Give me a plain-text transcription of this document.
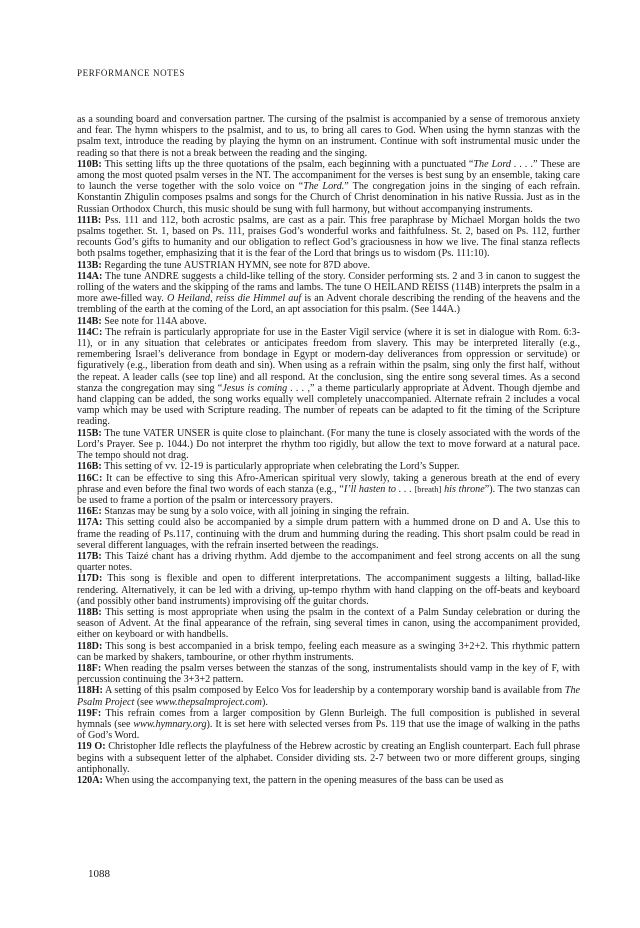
PERFORMANCE NOTES

as a sounding board and conversation partner. The cursing of the psalmist is accompanied by a sense of tremorous anxiety and fear. The hymn whispers to the psalmist, and to us, to bring all cares to God. When using the hymn stanzas with the psalm text, introduce the reading by playing the hymn on an instrument. Continue with soft instrumental music under the reading so that there is not a break between the reading and the singing.

110B: This setting lifts up the three quotations of the psalm, each beginning with a punctuated “The Lord . . . .” These are among the most quoted psalm verses in the NT. The accompaniment for the verses is best sung by an ensemble, taking care to launch the verse together with the solo voice on “The Lord.” The congregation joins in the singing of each refrain. Konstantin Zhigulin composes psalms and songs for the Church of Christ denomination in his native Russia. Just as in the Russian Orthodox Church, this music should be sung with full harmony, but without accompanying instruments.

111B: Pss. 111 and 112, both acrostic psalms, are cast as a pair. This free paraphrase by Michael Morgan holds the two psalms together. St. 1, based on Ps. 111, praises God’s wonderful works and faithfulness. St. 2, based on Ps. 112, further recounts God’s gifts to humanity and our obligation to reflect God’s graciousness in how we live. The final stanza reflects both psalms together, emphasizing that it is the fear of the Lord that brings us to wisdom (Ps. 111:10).

113B: Regarding the tune AUSTRIAN HYMN, see note for 87D above.

114A: The tune ANDRE suggests a child-like telling of the story. Consider performing sts. 2 and 3 in canon to suggest the rolling of the waters and the skipping of the rams and lambs. The tune O HEILAND REISS (114B) interprets the psalm in a more awe-filled way. O Heiland, reiss die Himmel auf is an Advent chorale describing the rending of the heavens and the trembling of the earth at the coming of the Lord, an apt association for this psalm. (See 144A.)

114B: See note for 114A above.

114C: The refrain is particularly appropriate for use in the Easter Vigil service (where it is set in dialogue with Rom. 6:3-11), or in any situation that celebrates or anticipates freedom from slavery. This may be interpreted literally (e.g., remembering Israel’s deliverance from bondage in Egypt or modern-day deliverances from oppression or servitude) or figuratively (e.g., liberation from death and sin). When using as a refrain within the psalm, sing only the first half, without the repeat. A leader calls (see top line) and all respond. At the conclusion, sing the entire song several times. As a second stanza the congregation may sing “Jesus is coming . . . ,” a theme particularly appropriate at Advent. Though djembe and hand clapping can be added, the song works equally well completely unaccompanied. Alternate refrain 2 includes a vocal vamp which may be used with Scripture reading. The number of repeats can be adapted to fit the timing of the Scripture reading.

115B: The tune VATER UNSER is quite close to plainchant. (For many the tune is closely associated with the words of the Lord’s Prayer. See p. 1044.) Do not interpret the rhythm too rigidly, but allow the text to move forward at a natural pace. The tempo should not drag.

116B: This setting of vv. 12-19 is particularly appropriate when celebrating the Lord’s Supper.

116C: It can be effective to sing this Afro-American spiritual very slowly, taking a generous breath at the end of every phrase and even before the final two words of each stanza (e.g., “I’ll hasten to . . . [breath] his throne”). The two stanzas can be used to frame a portion of the psalm or intercessory prayers.

116E: Stanzas may be sung by a solo voice, with all joining in singing the refrain.

117A: This setting could also be accompanied by a simple drum pattern with a hummed drone on D and A. Use this to frame the reading of Ps.117, continuing with the drum and humming during the reading. This short psalm could be read in several different languages, with the refrain inserted between the readings.

117B: This Taizé chant has a driving rhythm. Add djembe to the accompaniment and feel strong accents on all the sung quarter notes.

117D: This song is flexible and open to different interpretations. The accompaniment suggests a lilting, ballad-like rendering. Alternatively, it can be led with a driving, up-tempo rhythm with hand clapping on the off-beats and keyboard (and possibly other band instruments) improvising off the guitar chords.

118B: This setting is most appropriate when using the psalm in the context of a Palm Sunday celebration or during the season of Advent. At the final appearance of the refrain, sing several times in canon, using the accompaniment provided, either on keyboard or with handbells.

118D: This song is best accompanied in a brisk tempo, feeling each measure as a swinging 3+2+2. This rhythmic pattern can be marked by shakers, tambourine, or other rhythm instruments.

118F: When reading the psalm verses between the stanzas of the song, instrumentalists should vamp in the key of F, with percussion continuing the 3+3+2 pattern.

118H: A setting of this psalm composed by Eelco Vos for leadership by a contemporary worship band is available from The Psalm Project (see www.thepsalmproject.com).

119F: This refrain comes from a larger composition by Glenn Burleigh. The full composition is published in several hymnals (see www.hymnary.org). It is set here with selected verses from Ps. 119 that use the image of walking in the paths of God’s Word.

119 O: Christopher Idle reflects the playfulness of the Hebrew acrostic by creating an English counterpart. Each full phrase begins with a subsequent letter of the alphabet. Consider dividing sts. 2-7 between two or more different groups, singing antiphonally.

120A: When using the accompanying text, the pattern in the opening measures of the bass can be used as

1088
